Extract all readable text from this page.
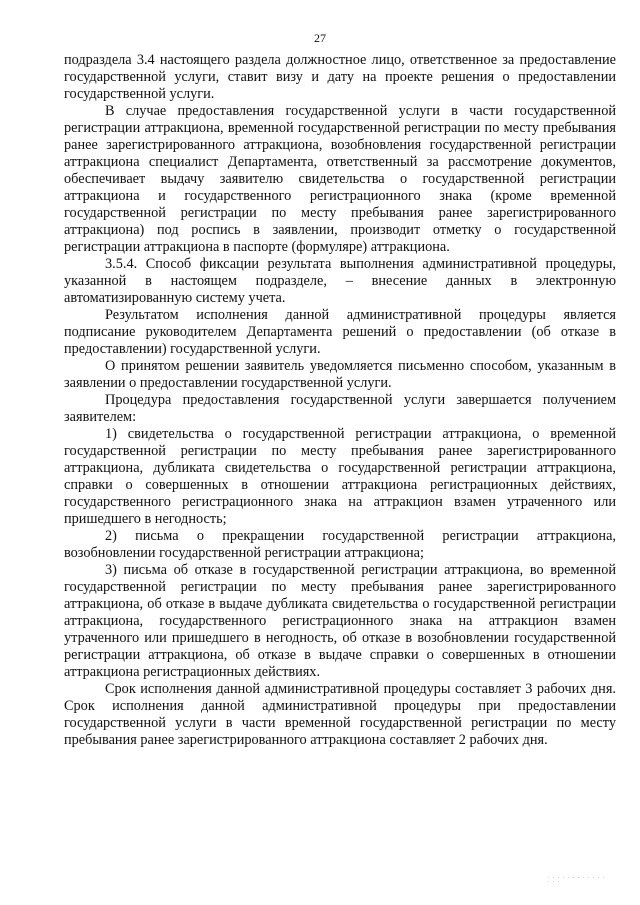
27

подраздела 3.4 настоящего раздела должностное лицо, ответственное за предоставление государственной услуги, ставит визу и дату на проекте решения о предоставлении государственной услуги.

В случае предоставления государственной услуги в части государственной регистрации аттракциона, временной государственной регистрации по месту пребывания ранее зарегистрированного аттракциона, возобновления государственной регистрации аттракциона специалист Департамента, ответственный за рассмотрение документов, обеспечивает выдачу заявителю свидетельства о государственной регистрации аттракциона и государственного регистрационного знака (кроме временной государственной регистрации по месту пребывания ранее зарегистрированного аттракциона) под роспись в заявлении, производит отметку о государственной регистрации аттракциона в паспорте (формуляре) аттракциона.

3.5.4. Способ фиксации результата выполнения административной процедуры, указанной в настоящем подразделе, – внесение данных в электронную автоматизированную систему учета.

Результатом исполнения данной административной процедуры является подписание руководителем Департамента решений о предоставлении (об отказе в предоставлении) государственной услуги.

О принятом решении заявитель уведомляется письменно способом, указанным в заявлении о предоставлении государственной услуги.

Процедура предоставления государственной услуги завершается получением заявителем:

1) свидетельства о государственной регистрации аттракциона, о временной государственной регистрации по месту пребывания ранее зарегистрированного аттракциона, дубликата свидетельства о государственной регистрации аттракциона, справки о совершенных в отношении аттракциона регистрационных действиях, государственного регистрационного знака на аттракцион взамен утраченного или пришедшего в негодность;

2) письма о прекращении государственной регистрации аттракциона, возобновлении государственной регистрации аттракциона;

3) письма об отказе в государственной регистрации аттракциона, во временной государственной регистрации по месту пребывания ранее зарегистрированного аттракциона, об отказе в выдаче дубликата свидетельства о государственной регистрации аттракциона, государственного регистрационного знака на аттракцион взамен утраченного или пришедшего в негодность, об отказе в возобновлении государственной регистрации аттракциона, об отказе в выдаче справки о совершенных в отношении аттракциона регистрационных действиях.

Срок исполнения данной административной процедуры составляет 3 рабочих дня. Срок исполнения данной административной процедуры при предоставлении государственной услуги в части временной государственной регистрации по месту пребывания ранее зарегистрированного аттракциона составляет 2 рабочих дня.

. . . . . . . . . . . . . . .
